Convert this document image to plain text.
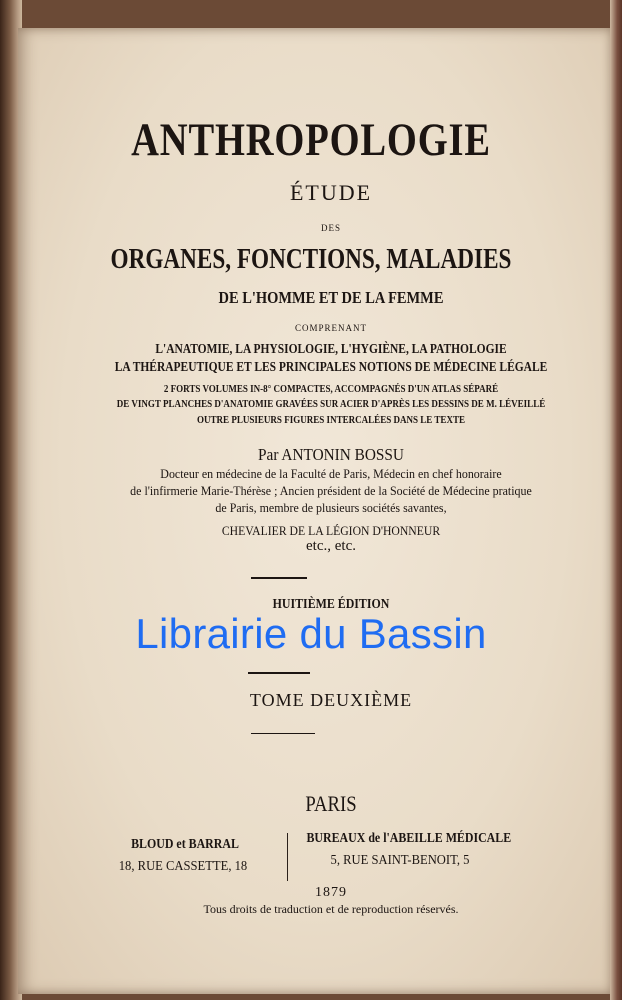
ANTHROPOLOGIE
ÉTUDE
DES
ORGANES, FONCTIONS, MALADIES
DE L'HOMME ET DE LA FEMME
COMPRENANT
L'ANATOMIE, LA PHYSIOLOGIE, L'HYGIÈNE, LA PATHOLOGIE
LA THÉRAPEUTIQUE ET LES PRINCIPALES NOTIONS DE MÉDECINE LÉGALE
2 FORTS VOLUMES IN-8° COMPACTES, ACCOMPAGNÉS D'UN ATLAS SÉPARÉ
DE VINGT PLANCHES D'ANATOMIE GRAVÉES SUR ACIER D'APRÈS LES DESSINS DE M. LÉVEILLÉ
OUTRE PLUSIEURS FIGURES INTERCALÉES DANS LE TEXTE
Par ANTONIN BOSSU
Docteur en médecine de la Faculté de Paris, Médecin en chef honoraire
de l'infirmerie Marie-Thérèse ; Ancien président de la Société de Médecine pratique
de Paris, membre de plusieurs sociétés savantes,
CHEVALIER DE LA LÉGION D'HONNEUR
etc., etc.
HUITIÈME ÉDITION
Librairie du Bassin
TOME DEUXIÈME
PARIS
BLOUD et BARRAL
18, RUE CASSETTE, 18
BUREAUX de l'ABEILLE MÉDICALE
5, RUE SAINT-BENOIT, 5
1879
Tous droits de traduction et de reproduction réservés.
